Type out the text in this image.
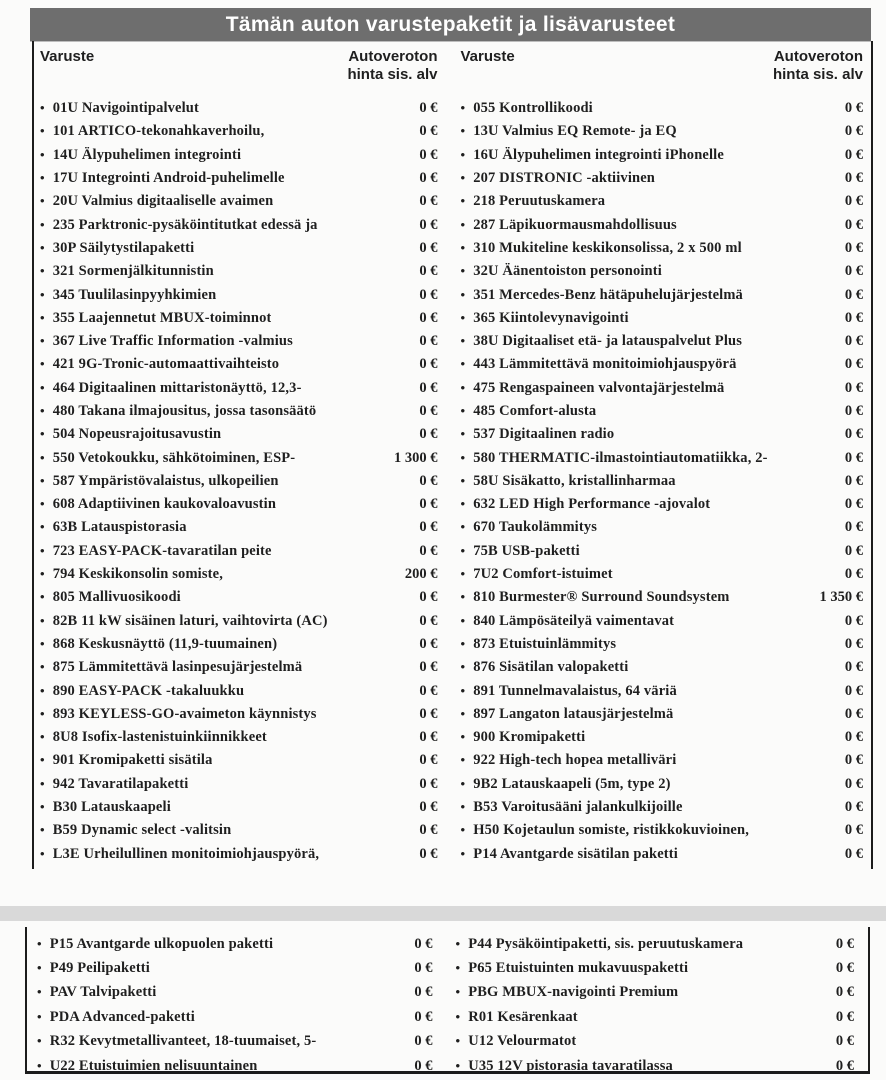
Tämän auton varustepaketit ja lisävarusteet
Varuste	Autoveroton hinta sis. alv
• 01U Navigointipalvelut	0 €
• 101 ARTICO-tekonahkaverhoilu,	0 €
• 14U Älypuhelimen integrointi	0 €
• 17U Integrointi Android-puhelimelle	0 €
• 20U Valmius digitaaliselle avaimen	0 €
• 235 Parktronic-pysäköintitutkat edessä ja	0 €
• 30P Säilytystilapaketti	0 €
• 321 Sormenjälkitunnistin	0 €
• 345 Tuulilasinpyyhkimien	0 €
• 355 Laajennetut MBUX-toiminnot	0 €
• 367 Live Traffic Information -valmius	0 €
• 421 9G-Tronic-automaattivaihteisto	0 €
• 464 Digitaalinen mittaristonäyttö, 12,3-	0 €
• 480 Takana ilmajousitus, jossa tasonsäätö	0 €
• 504 Nopeusrajoitusavustin	0 €
• 550 Vetokoukku, sähkötoiminen, ESP-	1 300 €
• 587 Ympäristövalaistus, ulkopeilien	0 €
• 608 Adaptiivinen kaukovaloavustin	0 €
• 63B Latauspistorasia	0 €
• 723 EASY-PACK-tavaratilan peite	0 €
• 794 Keskikonsolin somiste,	200 €
• 805 Mallivuosikoodi	0 €
• 82B 11 kW sisäinen laturi, vaihtovirta (AC)	0 €
• 868 Keskusnäyttö (11,9-tuumainen)	0 €
• 875 Lämmitettävä lasinpesujärjestelmä	0 €
• 890 EASY-PACK -takaluukku	0 €
• 893 KEYLESS-GO-avaimeton käynnistys	0 €
• 8U8 Isofix-lastenistuinkiinnikkeet	0 €
• 901 Kromipaketti sisätila	0 €
• 942 Tavaratilapaketti	0 €
• B30 Latauskaapeli	0 €
• B59 Dynamic select -valitsin	0 €
• L3E Urheilullinen monitoimiohjauspyörä,	0 €
Varuste	Autoveroton hinta sis. alv
• 055 Kontrollikoodi	0 €
• 13U Valmius EQ Remote- ja EQ	0 €
• 16U Älypuhelimen integrointi iPhonelle	0 €
• 207 DISTRONIC -aktiivinen	0 €
• 218 Peruutuskamera	0 €
• 287 Läpikuormausmahdollisuus	0 €
• 310 Mukiteline keskikonsolissa, 2 x 500 ml	0 €
• 32U Äänentoiston personointi	0 €
• 351 Mercedes-Benz hätäpuhelujärjestelmä	0 €
• 365 Kiintolevynavigointi	0 €
• 38U Digitaaliset etä- ja latauspalvelut Plus	0 €
• 443 Lämmitettävä monitoimiohjauspyörä	0 €
• 475 Rengaspaineen valvontajärjestelmä	0 €
• 485 Comfort-alusta	0 €
• 537 Digitaalinen radio	0 €
• 580 THERMATIC-ilmastointiautomatiikka, 2-	0 €
• 58U Sisäkatto, kristallinharmaa	0 €
• 632 LED High Performance -ajovalot	0 €
• 670 Taukolämmitys	0 €
• 75B USB-paketti	0 €
• 7U2 Comfort-istuimet	0 €
• 810 Burmester® Surround Soundsystem	1 350 €
• 840 Lämpösäteilyä vaimentavat	0 €
• 873 Etuistuinlämmitys	0 €
• 876 Sisätilan valopaketti	0 €
• 891 Tunnelmavalaistus, 64 väriä	0 €
• 897 Langaton latausjärjestelmä	0 €
• 900 Kromipaketti	0 €
• 922 High-tech hopea metalliväri	0 €
• 9B2 Latauskaapeli (5m, type 2)	0 €
• B53 Varoitusääni jalankulkijoille	0 €
• H50 Kojetaulun somiste, ristikkokuvioinen,	0 €
• P14 Avantgarde sisätilan paketti	0 €
• P15 Avantgarde ulkopuolen paketti	0 €
• P49 Peilipaketti	0 €
• PAV Talvipaketti	0 €
• PDA Advanced-paketti	0 €
• R32 Kevytmetallivanteet, 18-tuumaiset, 5-	0 €
• U22 Etuistuimien nelisuuntainen	0 €
• P44 Pysäköintipaketti, sis. peruutuskamera	0 €
• P65 Etuistuinten mukavuuspaketti	0 €
• PBG MBUX-navigointi Premium	0 €
• R01 Kesärenkaat	0 €
• U12 Velourmatot	0 €
• U35 12V pistorasia tavaratilassa	0 €
